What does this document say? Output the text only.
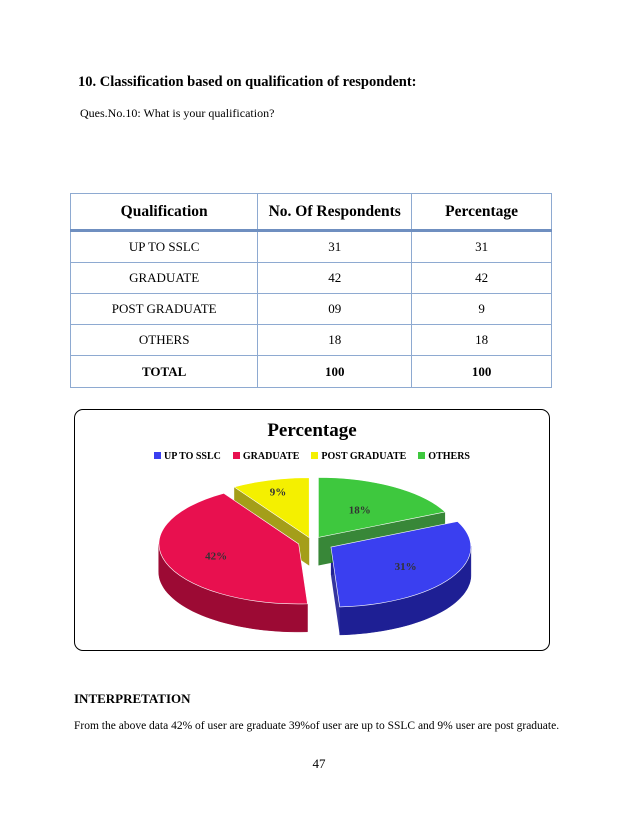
10. Classification based on qualification of respondent:
Ques.No.10: What is your qualification?
Qualification	No. Of Respondents	Percentage
UP TO SSLC	31	31
GRADUATE	42	42
POST GRADUATE	09	9
OTHERS	18	18
TOTAL	100	100
31%
42%
9%
18%
Percentage
UP TO SSLC GRADUATE POST GRADUATE OTHERS
INTERPRETATION
From the above data 42% of user are graduate 39%of user are up to SSLC and 9% user are post graduate.
47
